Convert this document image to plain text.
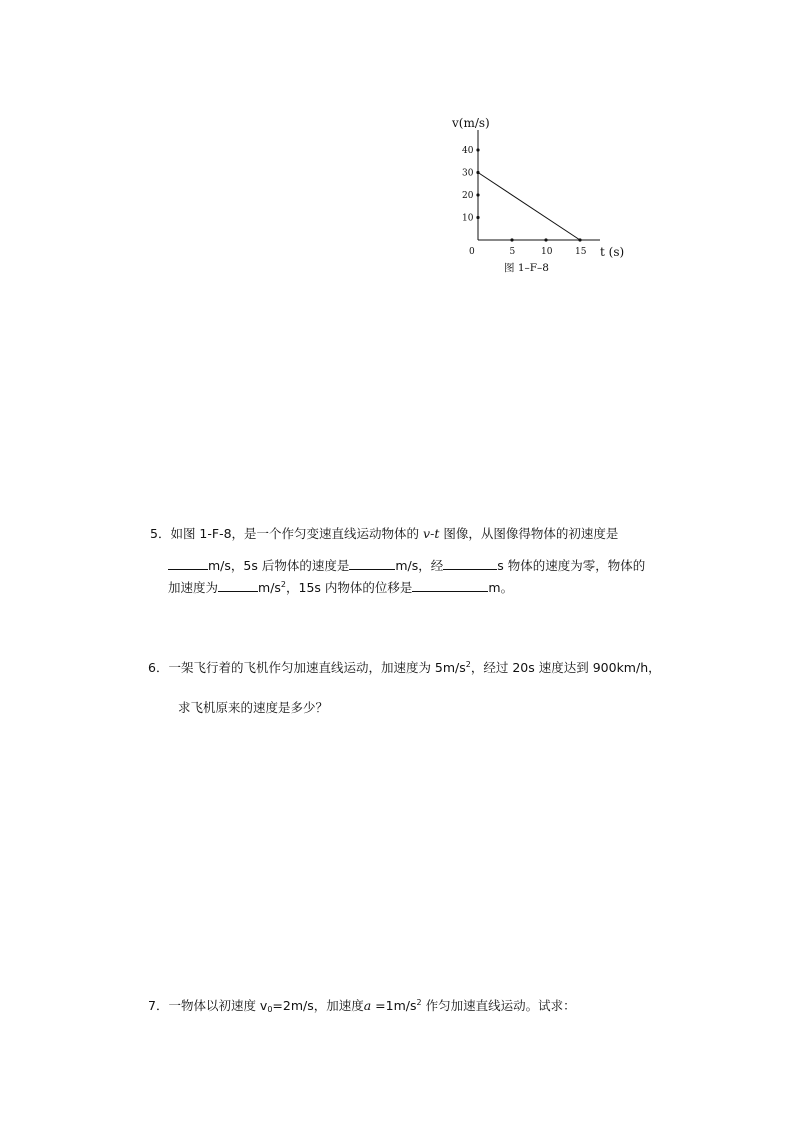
v(m/s)
10
20
30
40
0	5	10	15 t (s)
图 1–F–8
5．如图 1-F-8，是一个作匀变速直线运动物体的 v-t 图像，从图像得物体的初速度是
m/s，5s 后物体的速度是	m/s，经	s 物体的速度为零，物体的
加速度为	$m/s^2$，15s 内物体的位移是	m。
6．一架飞行着的飞机作匀加速直线运动，加速度为 $5m/s^2$，经过 20s 速度达到 900km/h，
求飞机原来的速度是多少？
7．一物体以初速度 $v_0=2m/s$，加速度$a =1m/s^2$ 作匀加速直线运动。试求：
